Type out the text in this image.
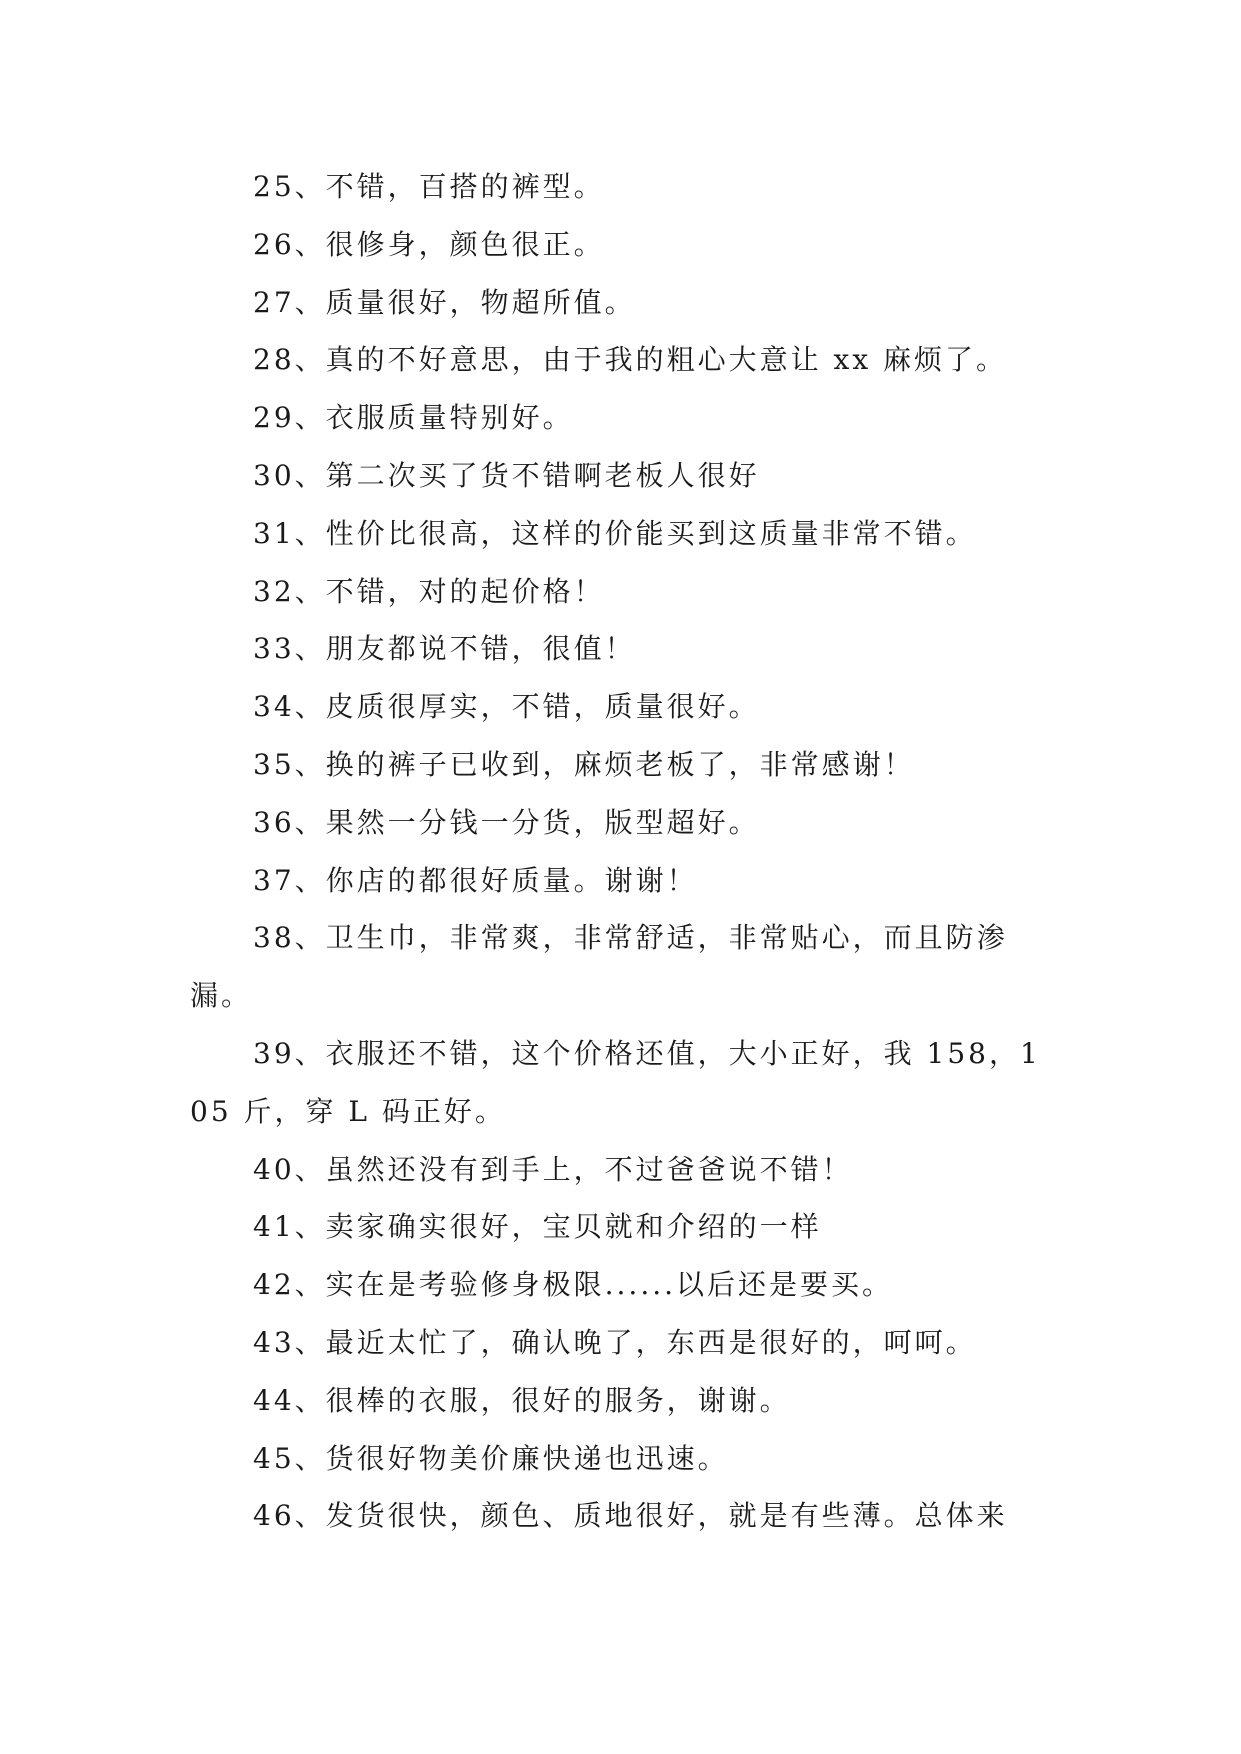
25、不错，百搭的裤型。

26、很修身，颜色很正。

27、质量很好，物超所值。

28、真的不好意思，由于我的粗心大意让 xx 麻烦了。

29、衣服质量特别好。

30、第二次买了货不错啊老板人很好

31、性价比很高，这样的价能买到这质量非常不错。

32、不错，对的起价格！

33、朋友都说不错，很值！

34、皮质很厚实，不错，质量很好。

35、换的裤子已收到，麻烦老板了，非常感谢！

36、果然一分钱一分货，版型超好。

37、你店的都很好质量。谢谢！

38、卫生巾，非常爽，非常舒适，非常贴心，而且防渗漏。

39、衣服还不错，这个价格还值，大小正好，我 158，105 斤，穿 L 码正好。

40、虽然还没有到手上，不过爸爸说不错！

41、卖家确实很好，宝贝就和介绍的一样

42、实在是考验修身极限......以后还是要买。

43、最近太忙了，确认晚了，东西是很好的，呵呵。

44、很棒的衣服，很好的服务，谢谢。

45、货很好物美价廉快递也迅速。

46、发货很快，颜色、质地很好，就是有些薄。总体来
